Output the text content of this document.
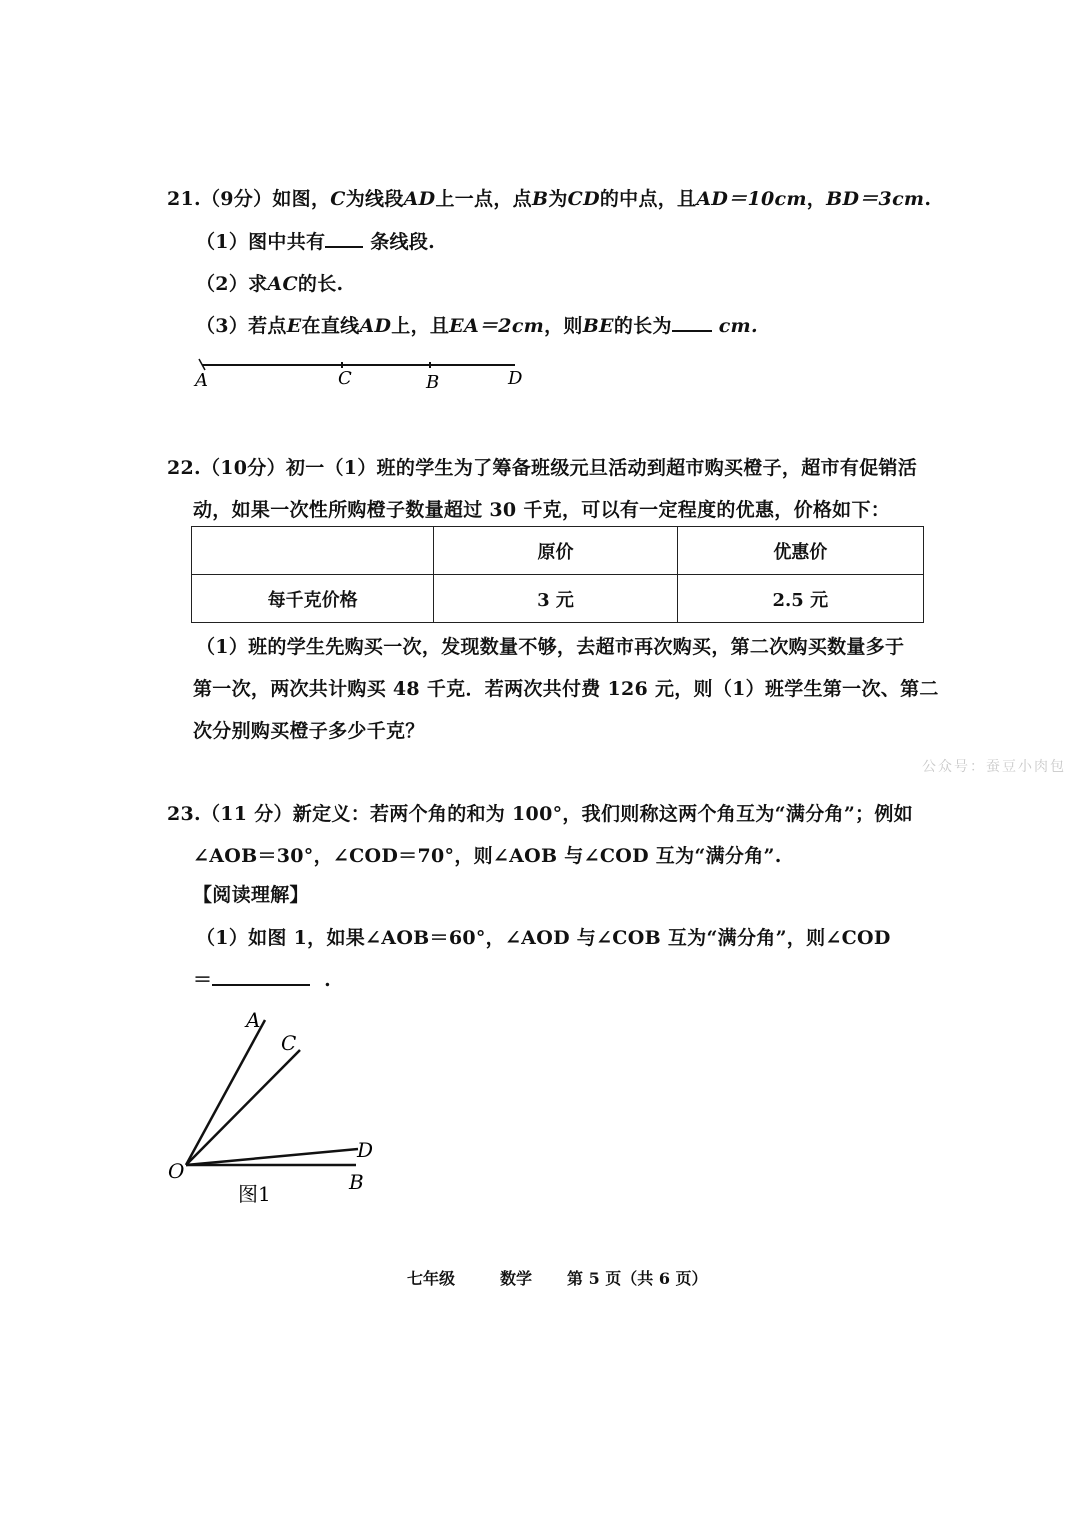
21.（9分）如图，C为线段AD上一点，点B为CD的中点，且AD＝10cm，BD＝3cm.
（1）图中共有 条线段.
（2）求AC的长.
（3）若点E在直线AD上，且EA＝2cm，则BE的长为 cm.
A	C	B	D
A
C
D
O	B
图1
22.（10分）初一（1）班的学生为了筹备班级元旦活动到超市购买橙子，超市有促销活
动，如果一次性所购橙子数量超过 30 千克，可以有一定程度的优惠，价格如下：
	原价	优惠价
每千克价格	3 元	2.5 元
（1）班的学生先购买一次，发现数量不够，去超市再次购买，第二次购买数量多于
第一次，两次共计购买 48 千克．若两次共付费 126 元，则（1）班学生第一次、第二
次分别购买橙子多少千克？
公众号：蚕豆小肉包
23.（11 分）新定义：若两个角的和为 100°，我们则称这两个角互为“满分角”；例如
∠AOB＝30°，∠COD＝70°，则∠AOB 与∠COD 互为“满分角”.
【阅读理解】
（1）如图 1，如果∠AOB＝60°，∠AOD 与∠COB 互为“满分角”，则∠COD
＝	.
七年级	数学 第 5 页（共 6 页）
